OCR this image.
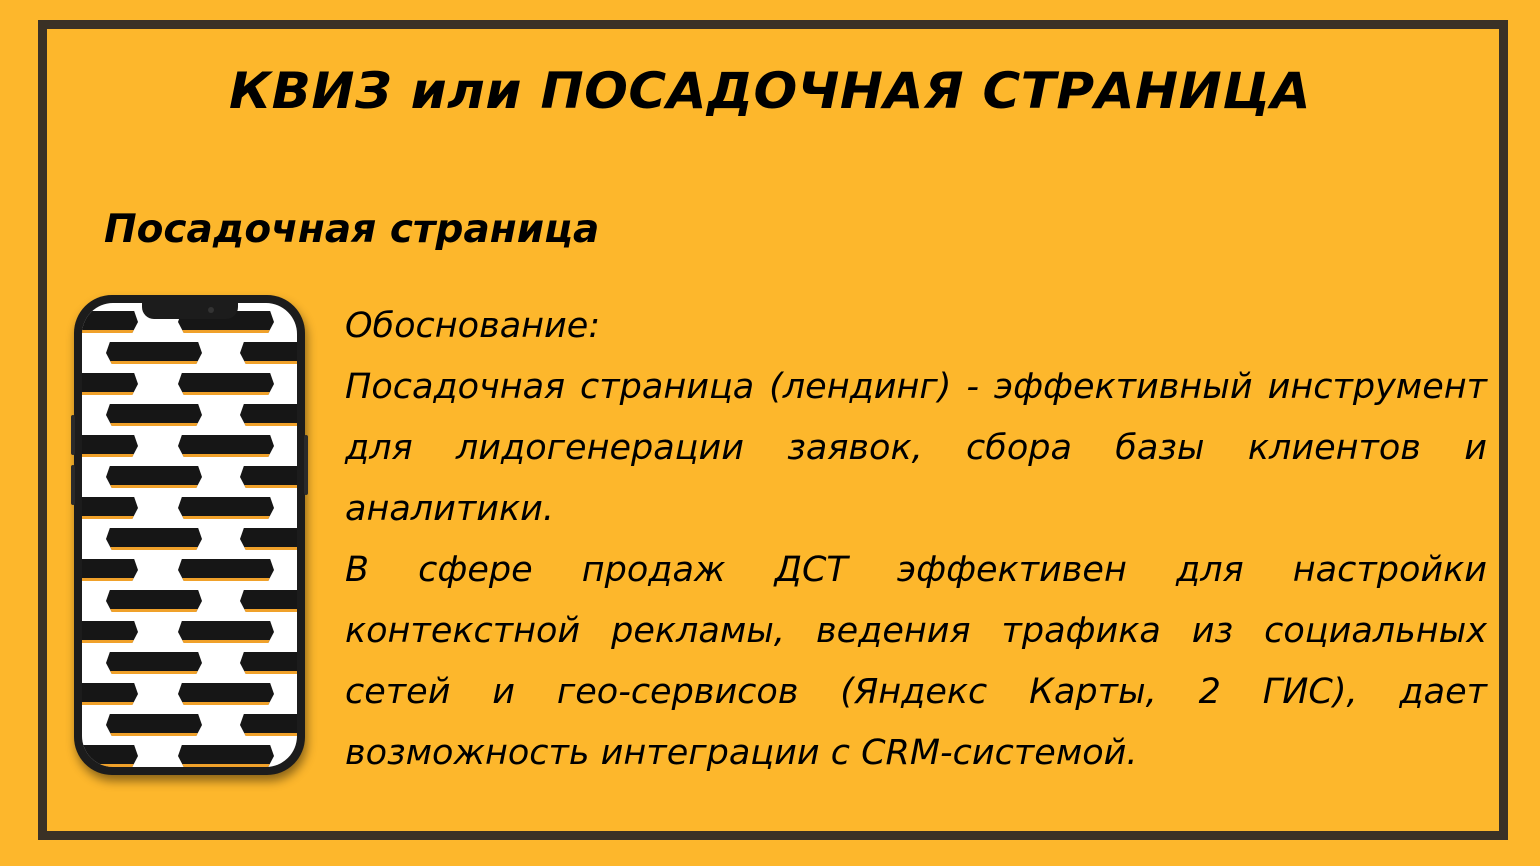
КВИЗ или ПОСАДОЧНАЯ СТРАНИЦА
Посадочная страница

Обоснование:

Посадочная страница (лендинг) - эффективный инструмент для лидогенерации заявок, сбора базы клиентов и аналитики.

В сфере продаж ДСТ эффективен для настройки контекстной рекламы, ведения трафика из социальных сетей и гео-сервисов (Яндекс Карты, 2 ГИС), дает возможность интеграции с CRM-системой.
